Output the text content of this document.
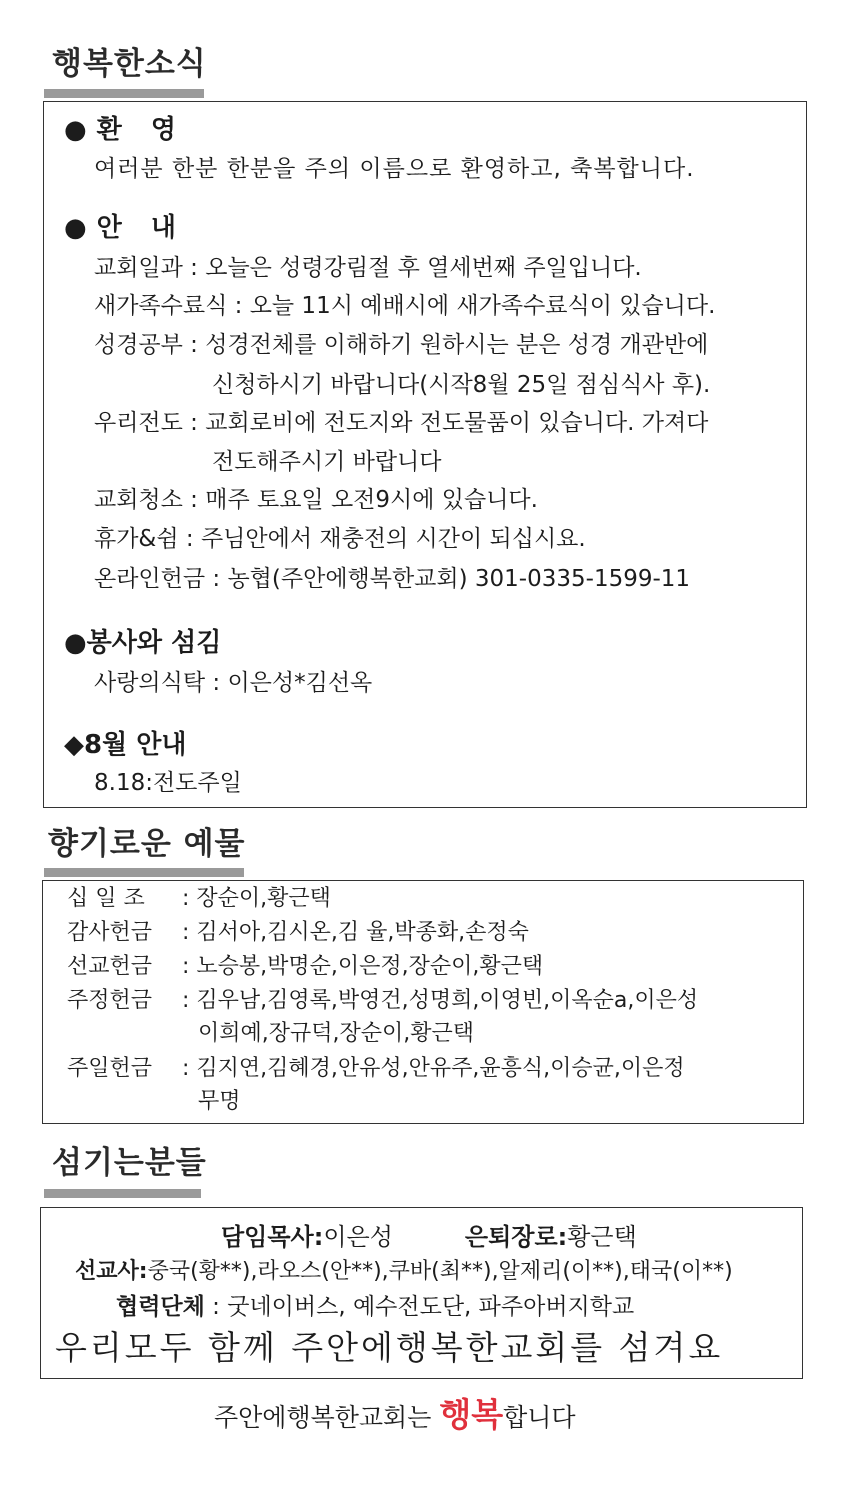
행복한소식
●환 영
여러분 한분 한분을 주의 이름으로 환영하고, 축복합니다.
●안 내
교회일과 : 오늘은 성령강림절 후 열세번째 주일입니다.
새가족수료식 : 오늘 11시 예배시에 새가족수료식이 있습니다.
성경공부 : 성경전체를 이해하기 원하시는 분은 성경 개관반에
신청하시기 바랍니다(시작8월 25일 점심식사 후).
우리전도 : 교회로비에 전도지와 전도물품이 있습니다. 가져다
전도해주시기 바랍니다
교회청소 : 매주 토요일 오전9시에 있습니다.
휴가&쉼 : 주님안에서 재충전의 시간이 되십시요.
온라인헌금 : 농협(주안에행복한교회) 301-0335-1599-11
●봉사와 섬김
사랑의식탁 : 이은성*김선옥
◆8월 안내
8.18:전도주일
향기로운 예물
십 일 조 : 장순이,황근택
감사헌금 : 김서아,김시온,김 율,박종화,손정숙
선교헌금 : 노승봉,박명순,이은정,장순이,황근택
주정헌금 : 김우남,김영록,박영건,성명희,이영빈,이옥순a,이은성
이희예,장규덕,장순이,황근택
주일헌금 : 김지연,김혜경,안유성,안유주,윤흥식,이승균,이은정
무명
섬기는분들
담임목사:이은성	은퇴장로:황근택
선교사:중국(황**),라오스(안**),쿠바(최**),알제리(이**),태국(이**)
협력단체 : 굿네이버스, 예수전도단, 파주아버지학교
우리모두 함께 주안에행복한교회를 섬겨요
주안에행복한교회는 행복합니다
